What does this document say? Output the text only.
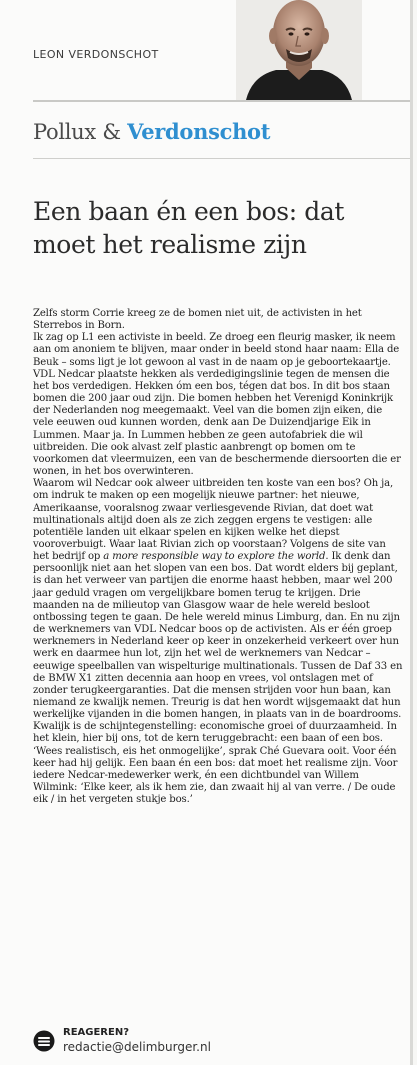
LEON VERDONSCHOT
Pollux & Verdonschot
Een baan én een bos: dat moet het realisme zijn

Zelfs storm Corrie kreeg ze de bomen niet uit, de activisten in het Sterrebos in Born.

Ik zag op L1 een activiste in beeld. Ze droeg een fleurig masker, ik neem aan om anoniem te blijven, maar onder in beeld stond haar naam: Ella de Beuk – soms ligt je lot gewoon al vast in de naam op je geboortekaartje.

VDL Nedcar plaatste hekken als verdedigingslinie tegen de mensen die het bos verdedigen. Hekken óm een bos, tégen dat bos. In dit bos staan bomen die 200 jaar oud zijn. Die bomen hebben het Verenigd Koninkrijk der Nederlanden nog meegemaakt. Veel van die bomen zijn eiken, die vele eeuwen oud kunnen worden, denk aan De Duizendjarige Eik in Lummen. Maar ja. In Lummen hebben ze geen autofabriek die wil uitbreiden. Die ook alvast zelf plastic aanbrengt op bomen om te voorkomen dat vleermuizen, een van de beschermende diersoorten die er wonen, in het bos overwinteren.

Waarom wil Nedcar ook alweer uitbreiden ten koste van een bos? Oh ja, om indruk te maken op een mogelijk nieuwe partner: het nieuwe, Amerikaanse, vooralsnog zwaar verliesgevende Rivian, dat doet wat multinationals altijd doen als ze zich zeggen ergens te vestigen: alle potentiële landen uit elkaar spelen en kijken welke het diepst vooroverbuigt. Waar laat Rivian zich op voorstaan? Volgens de site van het bedrijf op a more responsible way to explore the world. Ik denk dan persoonlijk niet aan het slopen van een bos. Dat wordt elders bij geplant, is dan het verweer van partijen die enorme haast hebben, maar wel 200 jaar geduld vragen om vergelijkbare bomen terug te krijgen. Drie maanden na de milieutop van Glasgow waar de hele wereld besloot ontbossing tegen te gaan. De hele wereld minus Limburg, dan. En nu zijn de werknemers van VDL Nedcar boos op de activisten. Als er één groep werknemers in Nederland keer op keer in onzekerheid verkeert over hun werk en daarmee hun lot, zijn het wel de werknemers van Nedcar – eeuwige speelballen van wispelturige multinationals. Tussen de Daf 33 en de BMW X1 zitten decennia aan hoop en vrees, vol ontslagen met of zonder terugkeergaranties. Dat die mensen strijden voor hun baan, kan niemand ze kwalijk nemen. Treurig is dat hen wordt wijsgemaakt dat hun werkelijke vijanden in die bomen hangen, in plaats van in de boardrooms. Kwalijk is de schijntegenstelling: economische groei of duurzaamheid. In het klein, hier bij ons, tot de kern teruggebracht: een baan of een bos.

‘Wees realistisch, eis het onmogelijke’, sprak Ché Guevara ooit. Voor één keer had hij gelijk. Een baan én een bos: dat moet het realisme zijn. Voor iedere Nedcar-medewerker werk, én een dichtbundel van Willem Wilmink: ‘Elke keer, als ik hem zie, dan zwaait hij al van verre. / De oude eik / in het vergeten stukje bos.’

REAGEREN?
redactie@delimburger.nl
